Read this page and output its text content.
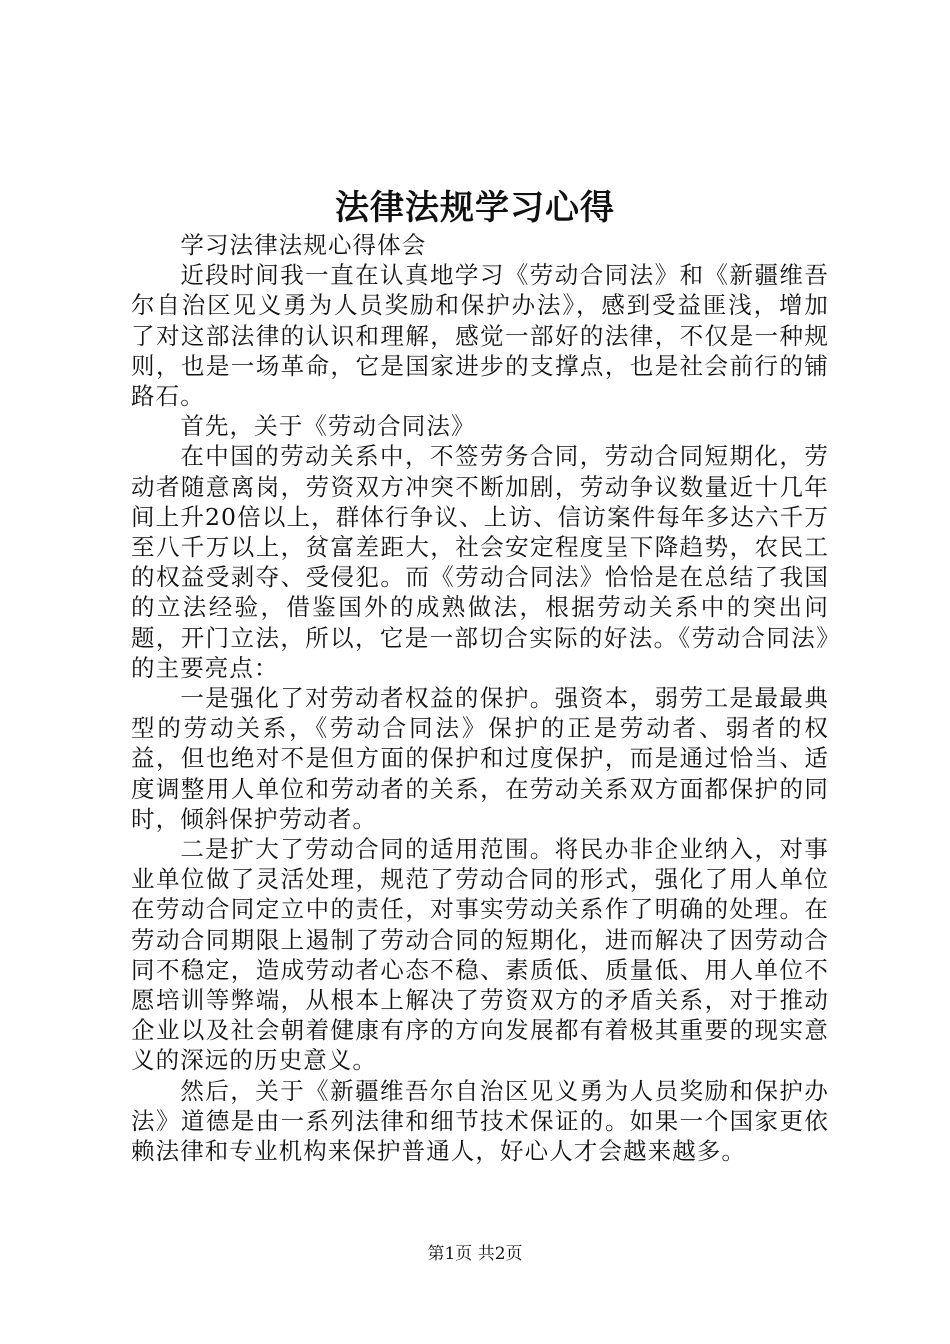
法律法规学习心得

学习法律法规心得体会

近段时间我一直在认真地学习《劳动合同法》和《新疆维吾尔自治区见义勇为人员奖励和保护办法》，感到受益匪浅，增加了对这部法律的认识和理解，感觉一部好的法律，不仅是一种规则，也是一场革命，它是国家进步的支撑点，也是社会前行的铺路石。

首先，关于《劳动合同法》

在中国的劳动关系中，不签劳务合同，劳动合同短期化，劳动者随意离岗，劳资双方冲突不断加剧，劳动争议数量近十几年间上升20倍以上，群体行争议、上访、信访案件每年多达六千万至八千万以上，贫富差距大，社会安定程度呈下降趋势，农民工的权益受剥夺、受侵犯。而《劳动合同法》恰恰是在总结了我国的立法经验，借鉴国外的成熟做法，根据劳动关系中的突出问题，开门立法，所以，它是一部切合实际的好法。《劳动合同法》的主要亮点：

一是强化了对劳动者权益的保护。强资本，弱劳工是最最典型的劳动关系，《劳动合同法》保护的正是劳动者、弱者的权益，但也绝对不是但方面的保护和过度保护，而是通过恰当、适度调整用人单位和劳动者的关系，在劳动关系双方面都保护的同时，倾斜保护劳动者。

二是扩大了劳动合同的适用范围。将民办非企业纳入，对事业单位做了灵活处理，规范了劳动合同的形式，强化了用人单位在劳动合同定立中的责任，对事实劳动关系作了明确的处理。在劳动合同期限上遏制了劳动合同的短期化，进而解决了因劳动合同不稳定，造成劳动者心态不稳、素质低、质量低、用人单位不愿培训等弊端，从根本上解决了劳资双方的矛盾关系，对于推动企业以及社会朝着健康有序的方向发展都有着极其重要的现实意义的深远的历史意义。

然后，关于《新疆维吾尔自治区见义勇为人员奖励和保护办法》道德是由一系列法律和细节技术保证的。如果一个国家更依赖法律和专业机构来保护普通人，好心人才会越来越多。

第1页 共2页
